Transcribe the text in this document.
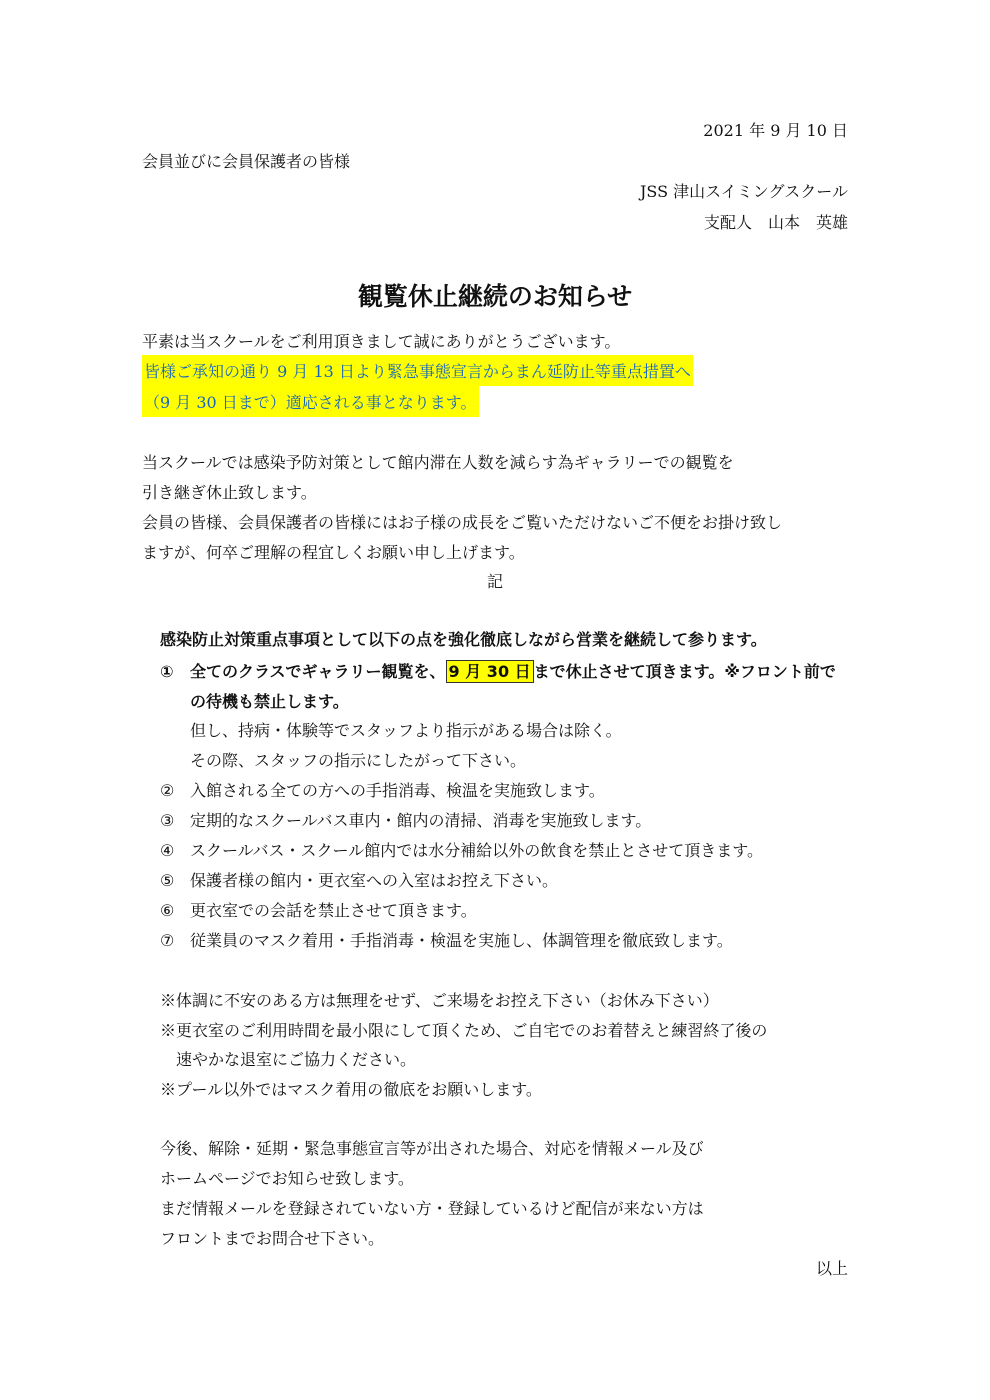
2021 年 9 月 10 日
会員並びに会員保護者の皆様
JSS 津山スイミングスクール
支配人　山本　英雄
観覧休止継続のお知らせ
平素は当スクールをご利用頂きまして誠にありがとうございます。
皆様ご承知の通り 9 月 13 日より緊急事態宣言からまん延防止等重点措置へ
（9 月 30 日まで）適応される事となります。
当スクールでは感染予防対策として館内滞在人数を減らす為ギャラリーでの観覧を
引き継ぎ休止致します。
会員の皆様、会員保護者の皆様にはお子様の成長をご覧いただけないご不便をお掛け致し
ますが、何卒ご理解の程宜しくお願い申し上げます。
記
感染防止対策重点事項として以下の点を強化徹底しながら営業を継続して参ります。
① 全てのクラスでギャラリー観覧を、 9 月 30 日 まで休止させて頂きます。※フロント前で
の待機も禁止します。
但し、持病・体験等でスタッフより指示がある場合は除く。
その際、スタッフの指示にしたがって下さい。
② 入館される全ての方への手指消毒、検温を実施致します。
③ 定期的なスクールバス車内・館内の清掃、消毒を実施致します。
④ スクールバス・スクール館内では水分補給以外の飲食を禁止とさせて頂きます。
⑤ 保護者様の館内・更衣室への入室はお控え下さい。
⑥ 更衣室での会話を禁止させて頂きます。
⑦ 従業員のマスク着用・手指消毒・検温を実施し、体調管理を徹底致します。
※体調に不安のある方は無理をせず、ご来場をお控え下さい（お休み下さい）
※更衣室のご利用時間を最小限にして頂くため、ご自宅でのお着替えと練習終了後の
速やかな退室にご協力ください。
※プール以外ではマスク着用の徹底をお願いします。
今後、解除・延期・緊急事態宣言等が出された場合、対応を情報メール及び
ホームページでお知らせ致します。
まだ情報メールを登録されていない方・登録しているけど配信が来ない方は
フロントまでお問合せ下さい。
以上
